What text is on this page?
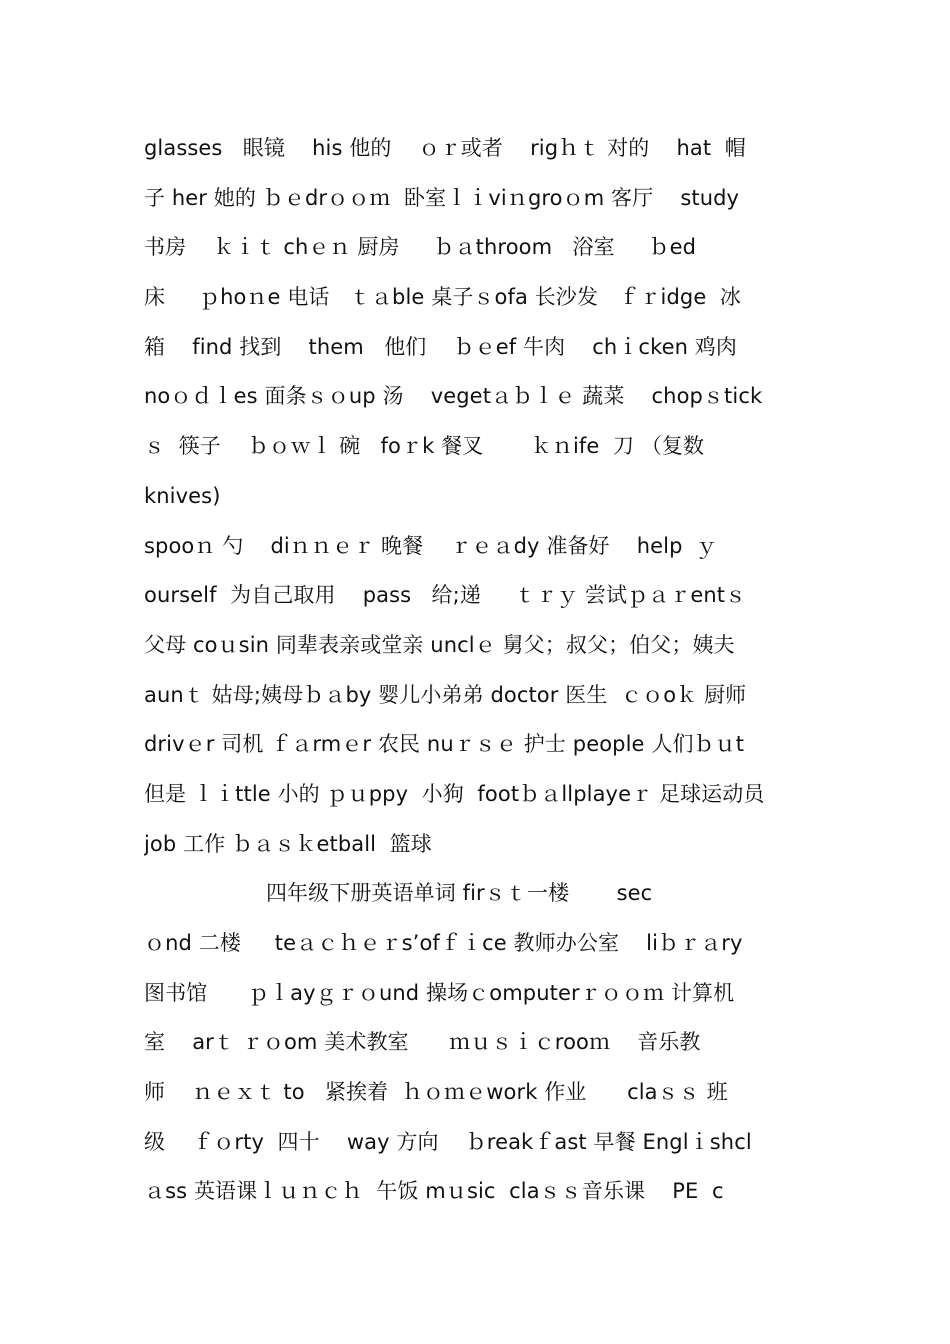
glasses   眼镜    his 他的    ｏｒ或者    rigｈｔ 对的    hat  帽
子 her 她的 ｂｅdrｏｏｍ  卧室ｌｉviｎgroｏm 客厅    study
书房    ｋｉｔ chｅｎ 厨房     ｂａthroom   浴室     ｂed
床     ｐhoｎe 电话   ｔａble 桌子ｓofa 长沙发   ｆｒidge  冰
箱    find 找到    them   他们    ｂｅef 牛肉    chｉcken 鸡肉
noｏｄｌes 面条ｓｏup 汤    vegetａｂｌｅ 蔬菜    chopｓtick
ｓ  筷子    ｂｏｗｌ 碗   foｒk 餐叉       ｋｎife  刀 （复数
knives)
spooｎ 勺    diｎｎｅｒ 晚餐    ｒｅａdy 准备好    help  ｙ
ourself  为自己取用    pass   给;递     ｔｒｙ 尝试ｐａｒentｓ
父母 coｕsin 同辈表亲或堂亲 unclｅ 舅父；叔父；伯父；姨夫
aunｔ 姑母;姨母ｂａby 婴儿小弟弟 doctor 医生  ｃｏoｋ 厨师
drivｅr 司机 ｆａrmｅr 农民 nuｒｓｅ 护士 people 人们ｂｕt
但是 ｌｉttle 小的 ｐｕppy  小狗  footｂａllplayeｒ 足球运动员
job 工作 ｂａｓｋetball  篮球
四年级下册英语单词 firｓｔ一楼       sec
ｏnd 二楼     teａｃｈｅｒs’ofｆｉce 教师办公室    liｂｒａry
图书馆      ｐｌayｇｒｏund 操场ｃomputerｒｏｏｍ 计算机
室    arｔ ｒｏom 美术教室      ｍｕｓｉｃrooｍ    音乐教
师    ｎｅｘｔ to   紧挨着  ｈｏｍｅwork 作业      claｓｓ 班
级    ｆｏrty  四十    way 方向    ｂreakｆast 早餐 Englｉshcl
ａss 英语课ｌｕｎｃｈ  午饭 mｕsic  claｓｓ音乐课    PE  c
